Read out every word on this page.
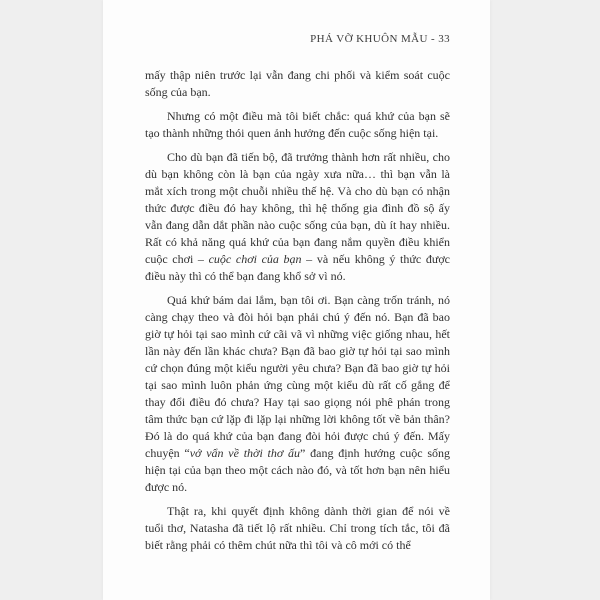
PHÁ VỠ KHUÔN MẪU - 33

mấy thập niên trước lại vẫn đang chi phối và kiểm soát cuộc sống của bạn.

Nhưng có một điều mà tôi biết chắc: quá khứ của bạn sẽ tạo thành những thói quen ảnh hưởng đến cuộc sống hiện tại.

Cho dù bạn đã tiến bộ, đã trưởng thành hơn rất nhiều, cho dù bạn không còn là bạn của ngày xưa nữa… thì bạn vẫn là mắt xích trong một chuỗi nhiều thế hệ. Và cho dù bạn có nhận thức được điều đó hay không, thì hệ thống gia đình đồ sộ ấy vẫn đang dẫn dắt phần nào cuộc sống của bạn, dù ít hay nhiều. Rất có khả năng quá khứ của bạn đang nắm quyền điều khiển cuộc chơi – cuộc chơi của bạn – và nếu không ý thức được điều này thì có thể bạn đang khổ sở vì nó.

Quá khứ bám dai lắm, bạn tôi ơi. Bạn càng trốn tránh, nó càng chạy theo và đòi hỏi bạn phải chú ý đến nó. Bạn đã bao giờ tự hỏi tại sao mình cứ cãi vã vì những việc giống nhau, hết lần này đến lần khác chưa? Bạn đã bao giờ tự hỏi tại sao mình cứ chọn đúng một kiểu người yêu chưa? Bạn đã bao giờ tự hỏi tại sao mình luôn phản ứng cùng một kiểu dù rất cố gắng để thay đổi điều đó chưa? Hay tại sao giọng nói phê phán trong tâm thức bạn cứ lặp đi lặp lại những lời không tốt về bản thân? Đó là do quá khứ của bạn đang đòi hỏi được chú ý đến. Mấy chuyện “vớ vẩn về thời thơ ấu” đang định hướng cuộc sống hiện tại của bạn theo một cách nào đó, và tốt hơn bạn nên hiểu được nó.

Thật ra, khi quyết định không dành thời gian để nói về tuổi thơ, Natasha đã tiết lộ rất nhiều. Chỉ trong tích tắc, tôi đã biết rằng phải có thêm chút nữa thì tôi và cô mới có thể
